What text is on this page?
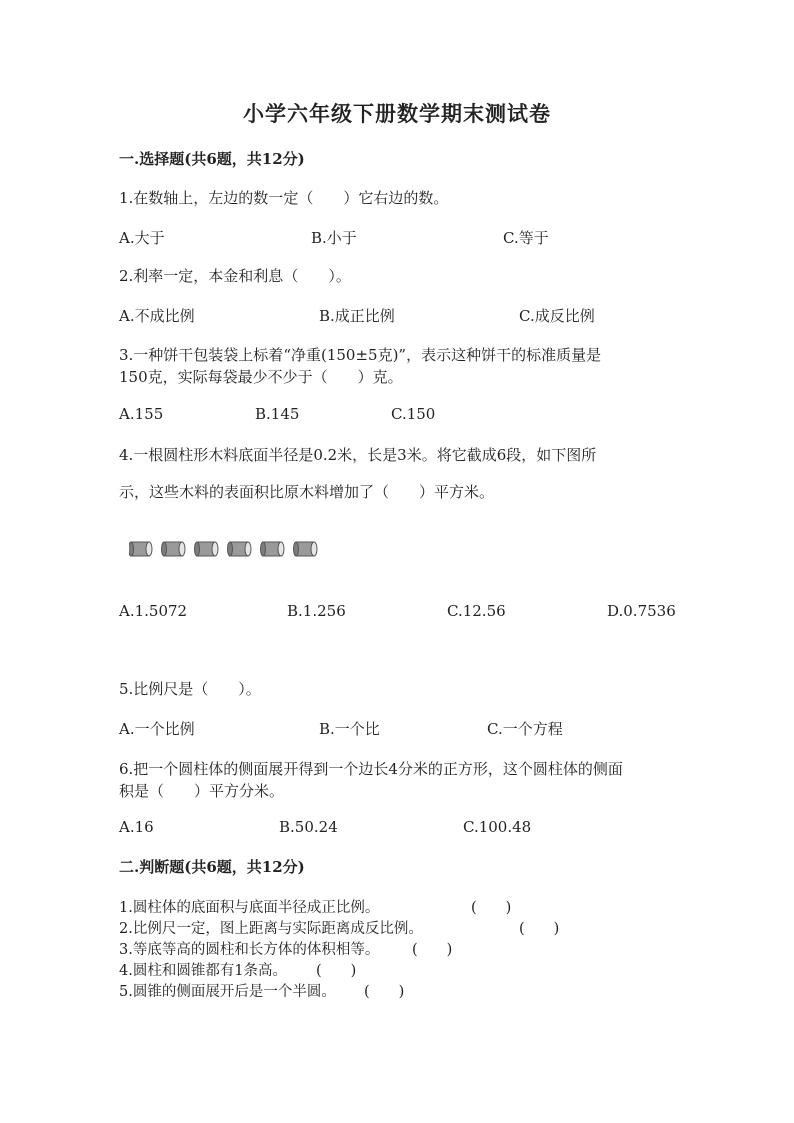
小学六年级下册数学期末测试卷
一.选择题(共6题，共12分)
1.在数轴上，左边的数一定（　　）它右边的数。
A.大于	B.小于	C.等于
2.利率一定，本金和利息（　　）。
A.不成比例	B.成正比例	C.成反比例
3.一种饼干包装袋上标着“净重(150±5克)”，表示这种饼干的标准质量是
150克，实际每袋最少不少于（　　）克。
A.155	B.145	C.150
4.一根圆柱形木料底面半径是0.2米，长是3米。将它截成6段，如下图所
示，这些木料的表面积比原木料增加了（　　）平方米。
A.1.5072	B.1.256	C.12.56	D.0.7536
5.比例尺是（　　）。
A.一个比例	B.一个比	C.一个方程
6.把一个圆柱体的侧面展开得到一个边长4分米的正方形，这个圆柱体的侧面
积是（　　）平方分米。
A.16	B.50.24	C.100.48
二.判断题(共6题，共12分)
1.圆柱体的底面积与底面半径成正比例。	(　　)
2.比例尺一定，图上距离与实际距离成反比例。	(　　)
3.等底等高的圆柱和长方体的体积相等。 (　　)
4.圆柱和圆锥都有1条高。 (　　)
5.圆锥的侧面展开后是一个半圆。 (　　)
